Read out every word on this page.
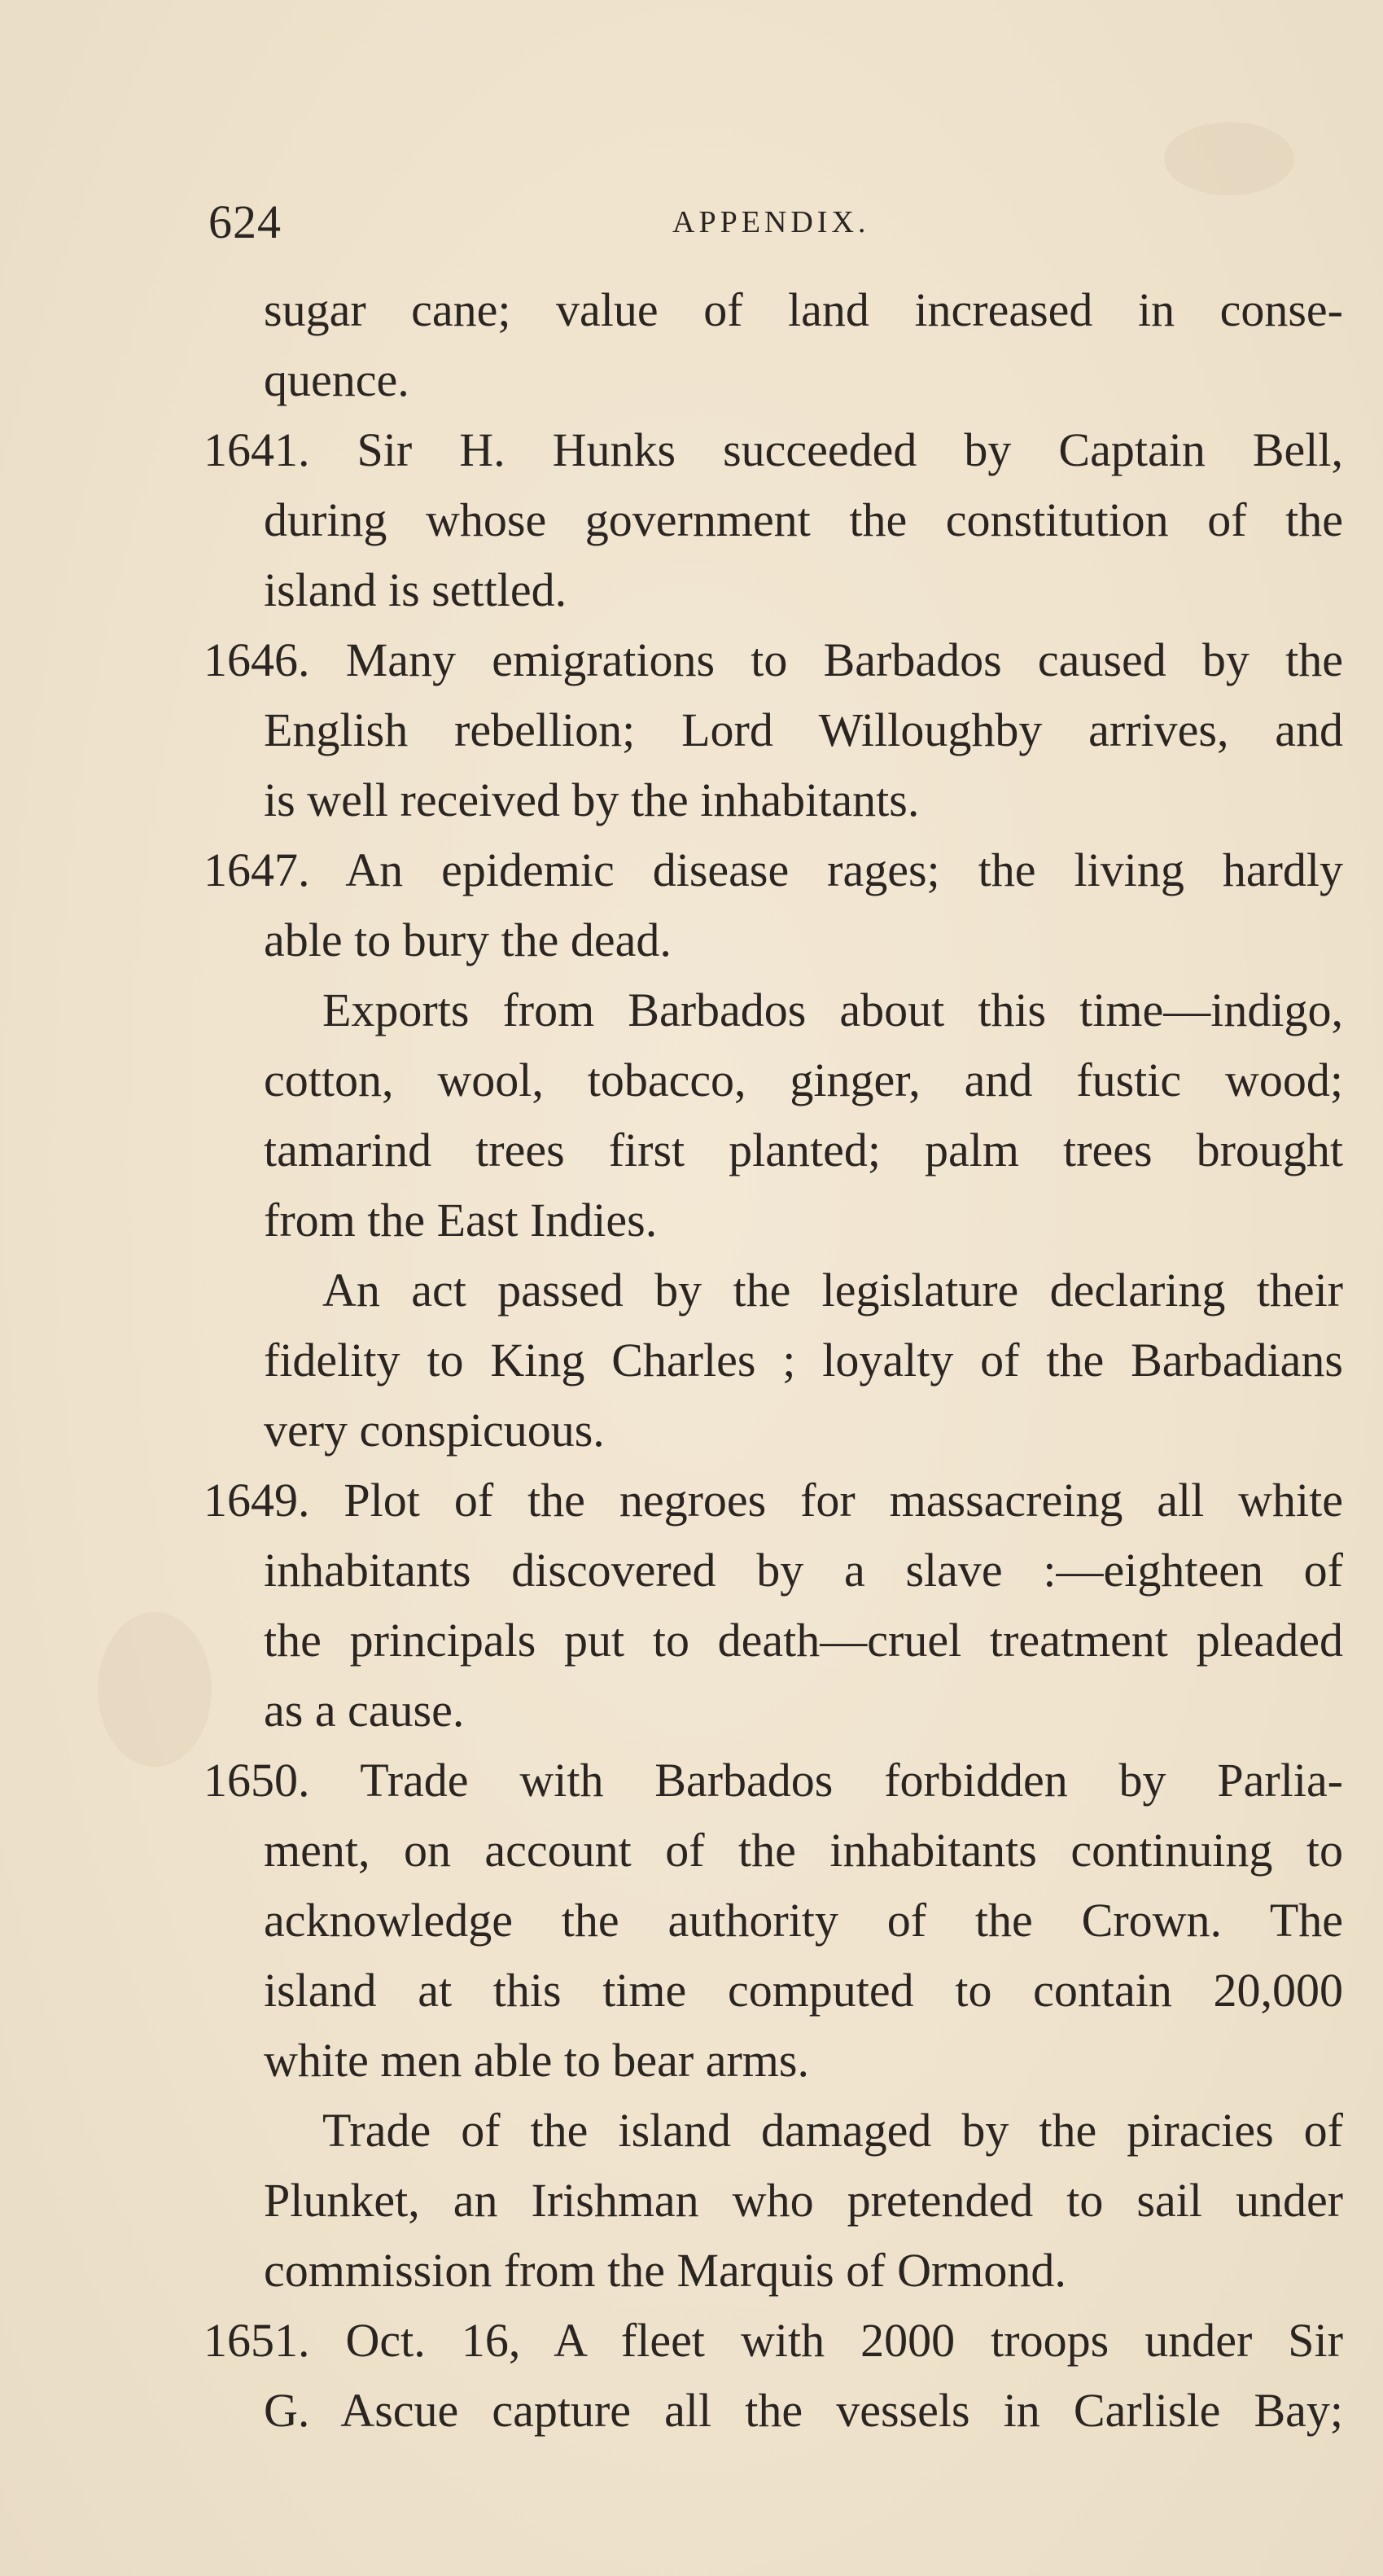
624	APPENDIX.
sugar cane; value of land increased in conse-
quence.
1641. Sir H. Hunks succeeded by Captain Bell,
during whose government the constitution of the
island is settled.
1646. Many emigrations to Barbados caused by the
English rebellion; Lord Willoughby arrives, and
is well received by the inhabitants.
1647. An epidemic disease rages; the living hardly
able to bury the dead.
Exports from Barbados about this time—indigo,
cotton, wool, tobacco, ginger, and fustic wood;
tamarind trees first planted; palm trees brought
from the East Indies.
An act passed by the legislature declaring their
fidelity to King Charles ; loyalty of the Barbadians
very conspicuous.
1649. Plot of the negroes for massacreing all white
inhabitants discovered by a slave :—eighteen of
the principals put to death—cruel treatment pleaded
as a cause.
1650. Trade with Barbados forbidden by Parlia-
ment, on account of the inhabitants continuing to
acknowledge the authority of the Crown. The
island at this time computed to contain 20,000
white men able to bear arms.
Trade of the island damaged by the piracies of
Plunket, an Irishman who pretended to sail under
commission from the Marquis of Ormond.
1651. Oct. 16, A fleet with 2000 troops under Sir
G. Ascue capture all the vessels in Carlisle Bay;
